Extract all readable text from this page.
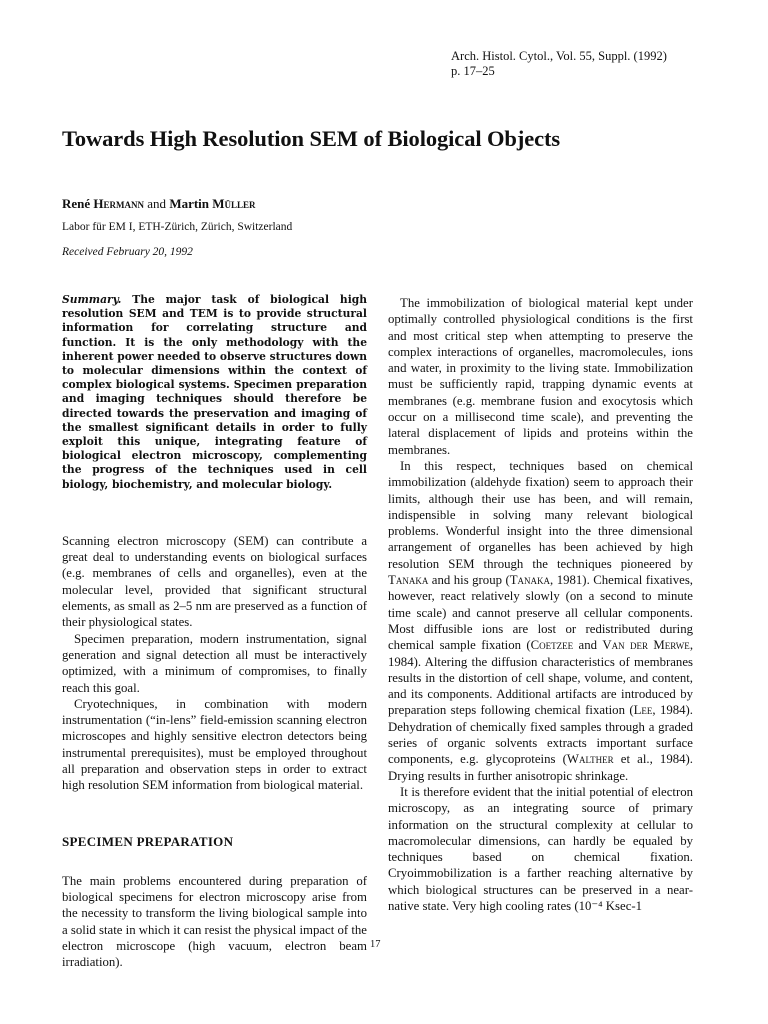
Arch. Histol. Cytol., Vol. 55, Suppl. (1992)
p. 17–25
Towards High Resolution SEM of Biological Objects
René Hermann and Martin Müller
Labor für EM I, ETH-Zürich, Zürich, Switzerland
Received February 20, 1992

Summary. The major task of biological high resolution SEM and TEM is to provide structural information for correlating structure and function. It is the only methodology with the inherent power needed to observe structures down to molecular dimensions within the context of complex biological systems. Specimen preparation and imaging techniques should therefore be directed towards the preservation and imaging of the smallest significant details in order to fully exploit this unique, integrating feature of biological electron microscopy, complementing the progress of the techniques used in cell biology, biochemistry, and molecular biology.

Scanning electron microscopy (SEM) can contribute a great deal to understanding events on biological surfaces (e.g. membranes of cells and organelles), even at the molecular level, provided that significant structural elements, as small as 2–5 nm are preserved as a function of their physiological states.

Specimen preparation, modern instrumentation, signal generation and signal detection all must be interactively optimized, with a minimum of compromises, to finally reach this goal.

Cryotechniques, in combination with modern instrumentation (“in-lens” field-emission scanning electron microscopes and highly sensitive electron detectors being instrumental prerequisites), must be employed throughout all preparation and observation steps in order to extract high resolution SEM information from biological material.

SPECIMEN PREPARATION

The main problems encountered during preparation of biological specimens for electron microscopy arise from the necessity to transform the living biological sample into a solid state in which it can resist the physical impact of the electron microscope (high vacuum, electron beam irradiation).

The immobilization of biological material kept under optimally controlled physiological conditions is the first and most critical step when attempting to preserve the complex interactions of organelles, macromolecules, ions and water, in proximity to the living state. Immobilization must be sufficiently rapid, trapping dynamic events at membranes (e.g. membrane fusion and exocytosis which occur on a millisecond time scale), and preventing the lateral displacement of lipids and proteins within the membranes.

In this respect, techniques based on chemical immobilization (aldehyde fixation) seem to approach their limits, although their use has been, and will remain, indispensible in solving many relevant biological problems. Wonderful insight into the three dimensional arrangement of organelles has been achieved by high resolution SEM through the techniques pioneered by Tanaka and his group (Tanaka, 1981). Chemical fixatives, however, react relatively slowly (on a second to minute time scale) and cannot preserve all cellular components. Most diffusible ions are lost or redistributed during chemical sample fixation (Coetzee and Van der Merwe, 1984). Altering the diffusion characteristics of membranes results in the distortion of cell shape, volume, and content, and its components. Additional artifacts are introduced by preparation steps following chemical fixation (Lee, 1984). Dehydration of chemically fixed samples through a graded series of organic solvents extracts important surface components, e.g. glycoproteins (Walther et al., 1984). Drying results in further anisotropic shrinkage.

It is therefore evident that the initial potential of electron microscopy, as an integrating source of primary information on the structural complexity at cellular to macromolecular dimensions, can hardly be equaled by techniques based on chemical fixation. Cryoimmobilization is a farther reaching alternative by which biological structures can be preserved in a near-native state. Very high cooling rates (10⁻⁴ Ksec-1

17
